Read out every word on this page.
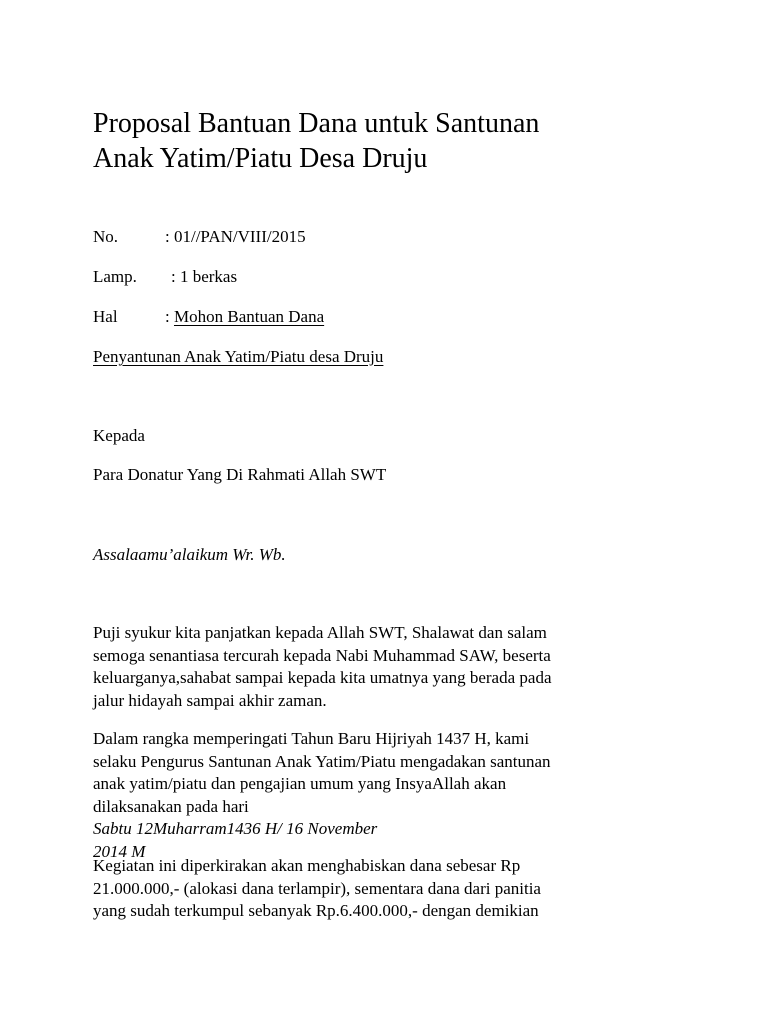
Proposal Bantuan Dana untuk Santunan
Anak Yatim/Piatu Desa Druju
No.	: 01//PAN/VIII/2015
Lamp. : 1 berkas
Hal	: Mohon Bantuan Dana
Penyantunan Anak Yatim/Piatu desa Druju
Kepada
Para Donatur Yang Di Rahmati Allah SWT
Assalaamu’alaikum Wr. Wb.

Puji syukur kita panjatkan kepada Allah SWT, Shalawat dan salam
semoga senantiasa tercurah kepada Nabi Muhammad SAW, beserta
keluarganya,sahabat sampai kepada kita umatnya yang berada pada
jalur hidayah sampai akhir zaman.

Dalam rangka memperingati Tahun Baru Hijriyah 1437 H, kami
selaku Pengurus Santunan Anak Yatim/Piatu mengadakan santunan
anak yatim/piatu dan pengajian umum yang InsyaAllah akan
dilaksanakan pada hari
Sabtu 12Muharram1436 H/ 16 November
2014 M

Kegiatan ini diperkirakan akan menghabiskan dana sebesar Rp
21.000.000,- (alokasi dana terlampir), sementara dana dari panitia
yang sudah terkumpul sebanyak Rp.6.400.000,- dengan demikian
